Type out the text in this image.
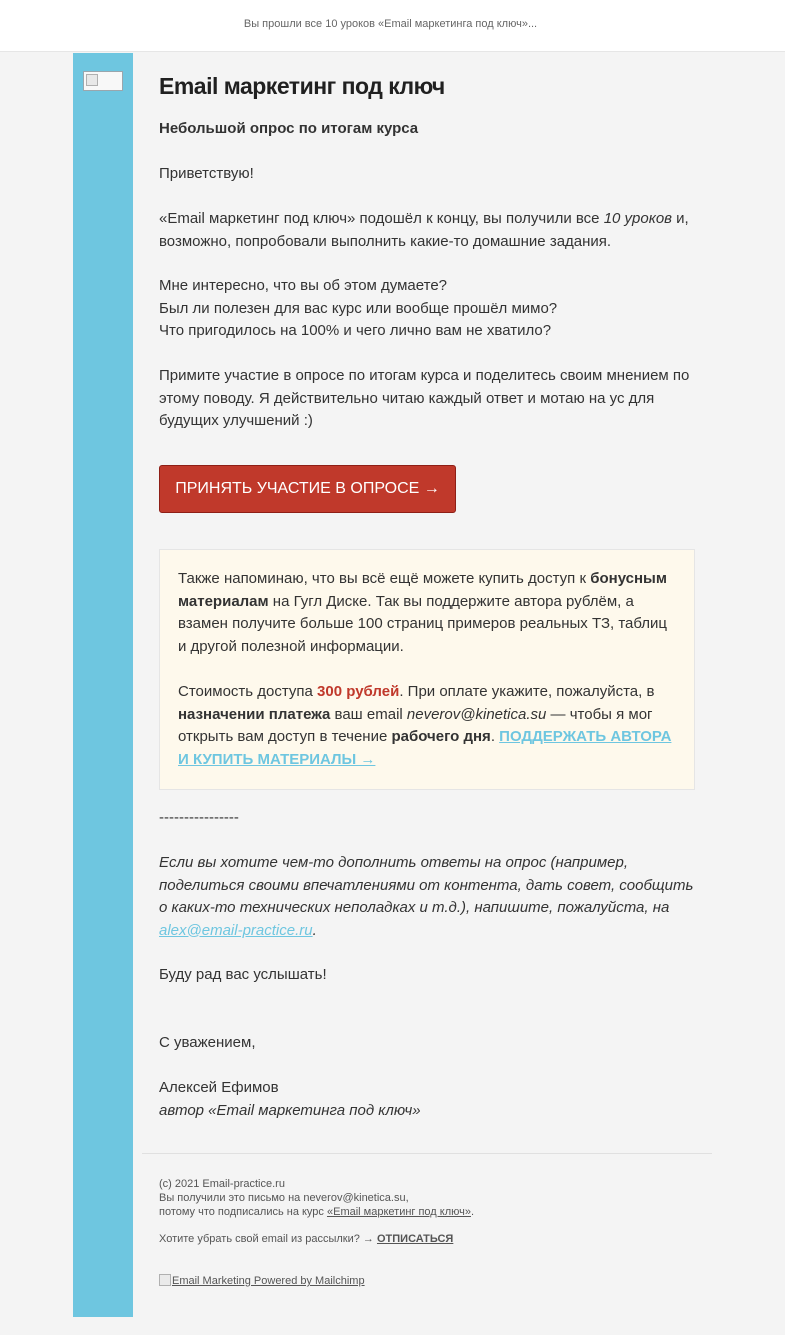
Вы прошли все 10 уроков «Email маркетинга под ключ»...
Email маркетинг под ключ
Небольшой опрос по итогам курса
Приветствую!
«Email маркетинг под ключ» подошёл к концу, вы получили все 10 уроков и, возможно, попробовали выполнить какие-то домашние задания.
Мне интересно, что вы об этом думаете?
Был ли полезен для вас курс или вообще прошёл мимо?
Что пригодилось на 100% и чего лично вам не хватило?
Примите участие в опросе по итогам курса и поделитесь своим мнением по этому поводу. Я действительно читаю каждый ответ и мотаю на ус для будущих улучшений :)
ПРИНЯТЬ УЧАСТИЕ В ОПРОСЕ →
Также напоминаю, что вы всё ещё можете купить доступ к бонусным материалам на Гугл Диске. Так вы поддержите автора рублём, а взамен получите больше 100 страниц примеров реальных ТЗ, таблиц и другой полезной информации.
Стоимость доступа 300 рублей. При оплате укажите, пожалуйста, в назначении платежа ваш email neverov@kinetica.su — чтобы я мог открыть вам доступ в течение рабочего дня. ПОДДЕРЖАТЬ АВТОРА И КУПИТЬ МАТЕРИАЛЫ →
----------------
Если вы хотите чем-то дополнить ответы на опрос (например, поделиться своими впечатлениями от контента, дать совет, сообщить о каких-то технических неполадках и т.д.), напишите, пожалуйста, на alex@email-practice.ru.
Буду рад вас услышать!
С уважением,
Алексей Ефимов
автор «Email маркетинга под ключ»
(c) 2021 Email-practice.ru
Вы получили это письмо на neverov@kinetica.su,
потому что подписались на курс «Email маркетинг под ключ».
Хотите убрать свой email из рассылки? → ОТПИСАТЬСЯ
Email Marketing Powered by Mailchimp
